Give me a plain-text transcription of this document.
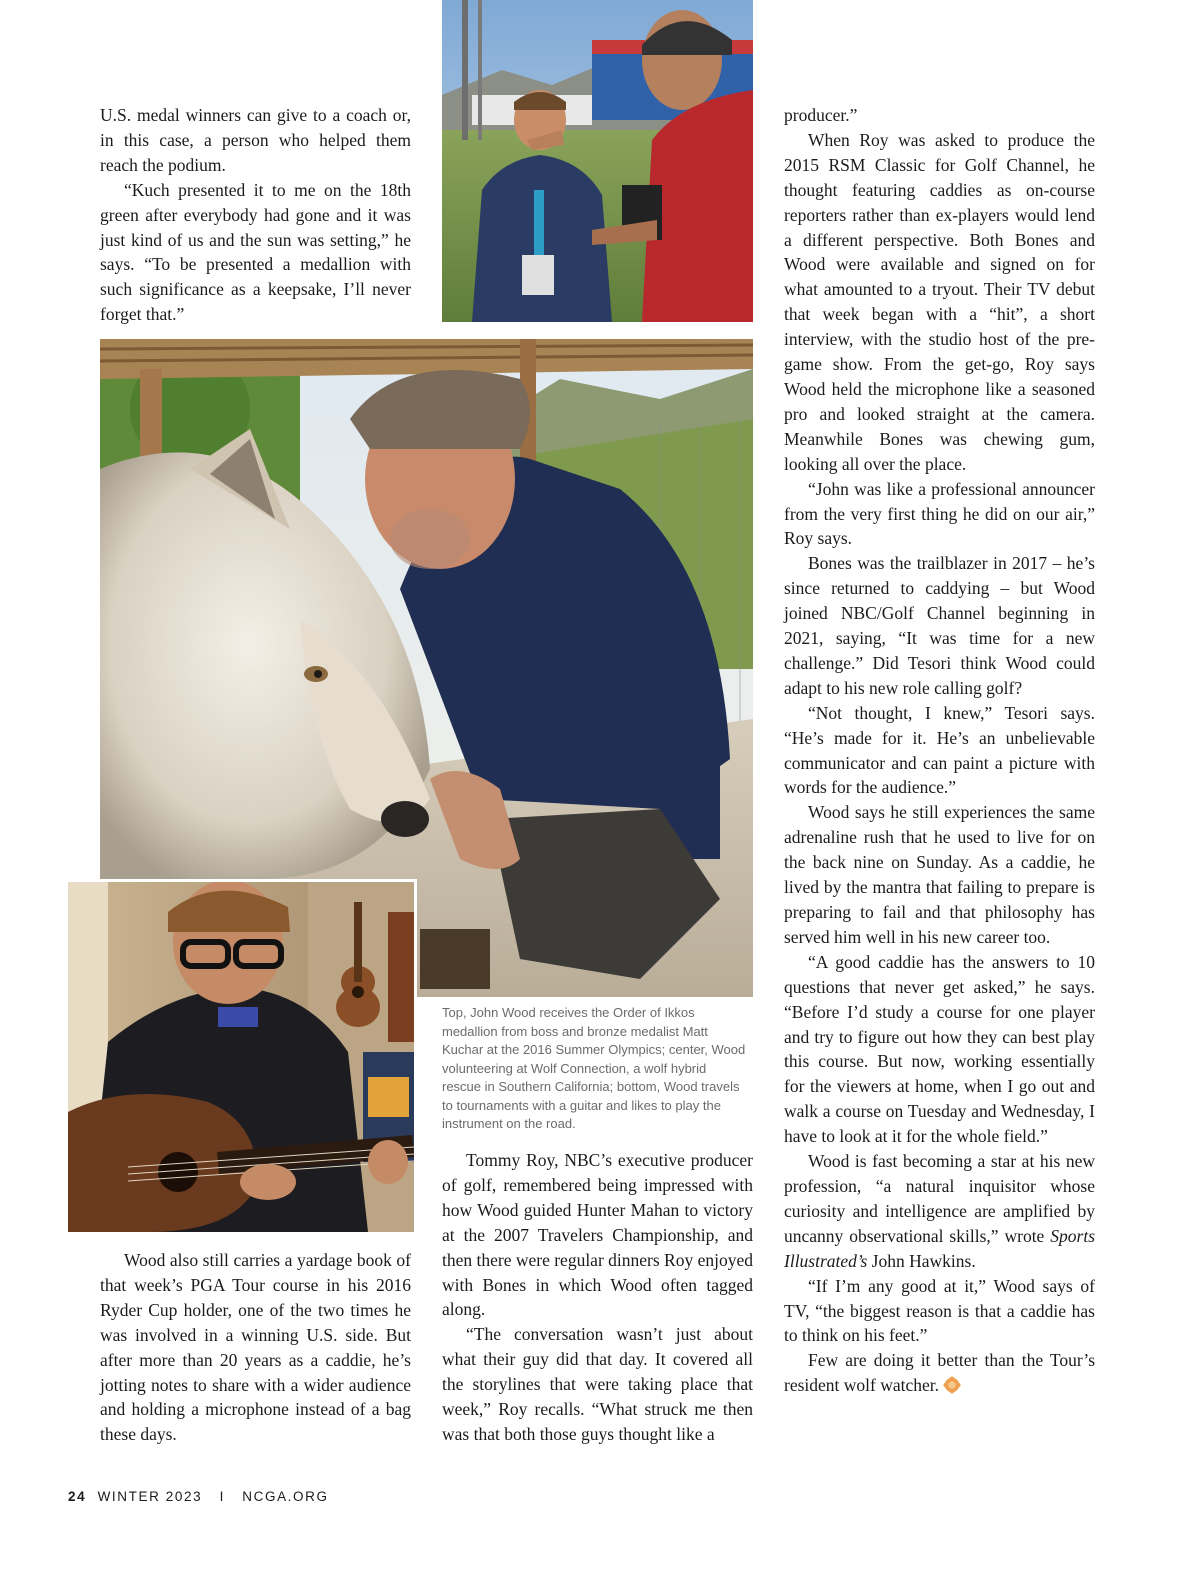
U.S. medal winners can give to a coach or, in this case, a person who helped them reach the podium.

“Kuch presented it to me on the 18th green after everybody had gone and it was just kind of us and the sun was setting,” he says. “To be presented a medallion with such significance as a keepsake, I’ll never forget that.”

Top, John Wood receives the Order of Ikkos medallion from boss and bronze medalist Matt Kuchar at the 2016 Summer Olympics; center, Wood volunteering at Wolf Connection, a wolf hybrid rescue in Southern California; bottom, Wood travels to tournaments with a guitar and likes to play the instrument on the road.

Wood also still carries a yardage book of that week’s PGA Tour course in his 2016 Ryder Cup holder, one of the two times he was involved in a winning U.S. side. But after more than 20 years as a caddie, he’s jotting notes to share with a wider audience and holding a microphone instead of a bag these days.

Tommy Roy, NBC’s executive producer of golf, remembered being impressed with how Wood guided Hunter Mahan to victory at the 2007 Travelers Championship, and then there were regular dinners Roy enjoyed with Bones in which Wood often tagged along.

“The conversation wasn’t just about what their guy did that day. It covered all the storylines that were taking place that week,” Roy recalls. “What struck me then was that both those guys thought like a

producer.”

When Roy was asked to produce the 2015 RSM Classic for Golf Channel, he thought featuring caddies as on-course reporters rather than ex-players would lend a different perspective. Both Bones and Wood were available and signed on for what amounted to a tryout. Their TV debut that week began with a “hit”, a short interview, with the studio host of the pre-game show. From the get-go, Roy says Wood held the microphone like a seasoned pro and looked straight at the camera. Meanwhile Bones was chewing gum, looking all over the place.

“John was like a professional announcer from the very first thing he did on our air,” Roy says.

Bones was the trailblazer in 2017 – he’s since returned to caddying – but Wood joined NBC/Golf Channel beginning in 2021, saying, “It was time for a new challenge.” Did Tesori think Wood could adapt to his new role calling golf?

“Not thought, I knew,” Tesori says. “He’s made for it. He’s an unbelievable communicator and can paint a picture with words for the audience.”

Wood says he still experiences the same adrenaline rush that he used to live for on the back nine on Sunday. As a caddie, he lived by the mantra that failing to prepare is preparing to fail and that philosophy has served him well in his new career too.

“A good caddie has the answers to 10 questions that never get asked,” he says. “Before I’d study a course for one player and try to figure out how they can best play this course. But now, working essentially for the viewers at home, when I go out and walk a course on Tuesday and Wednesday, I have to look at it for the whole field.”

Wood is fast becoming a star at his new profession, “a natural inquisitor whose curiosity and intelligence are amplified by uncanny observational skills,” wrote Sports Illustrated’s John Hawkins.

“If I’m any good at it,” Wood says of TV, “the biggest reason is that a caddie has to think on his feet.”

Few are doing it better than the Tour’s resident wolf watcher.

24 WINTER 2023 I NCGA.ORG
